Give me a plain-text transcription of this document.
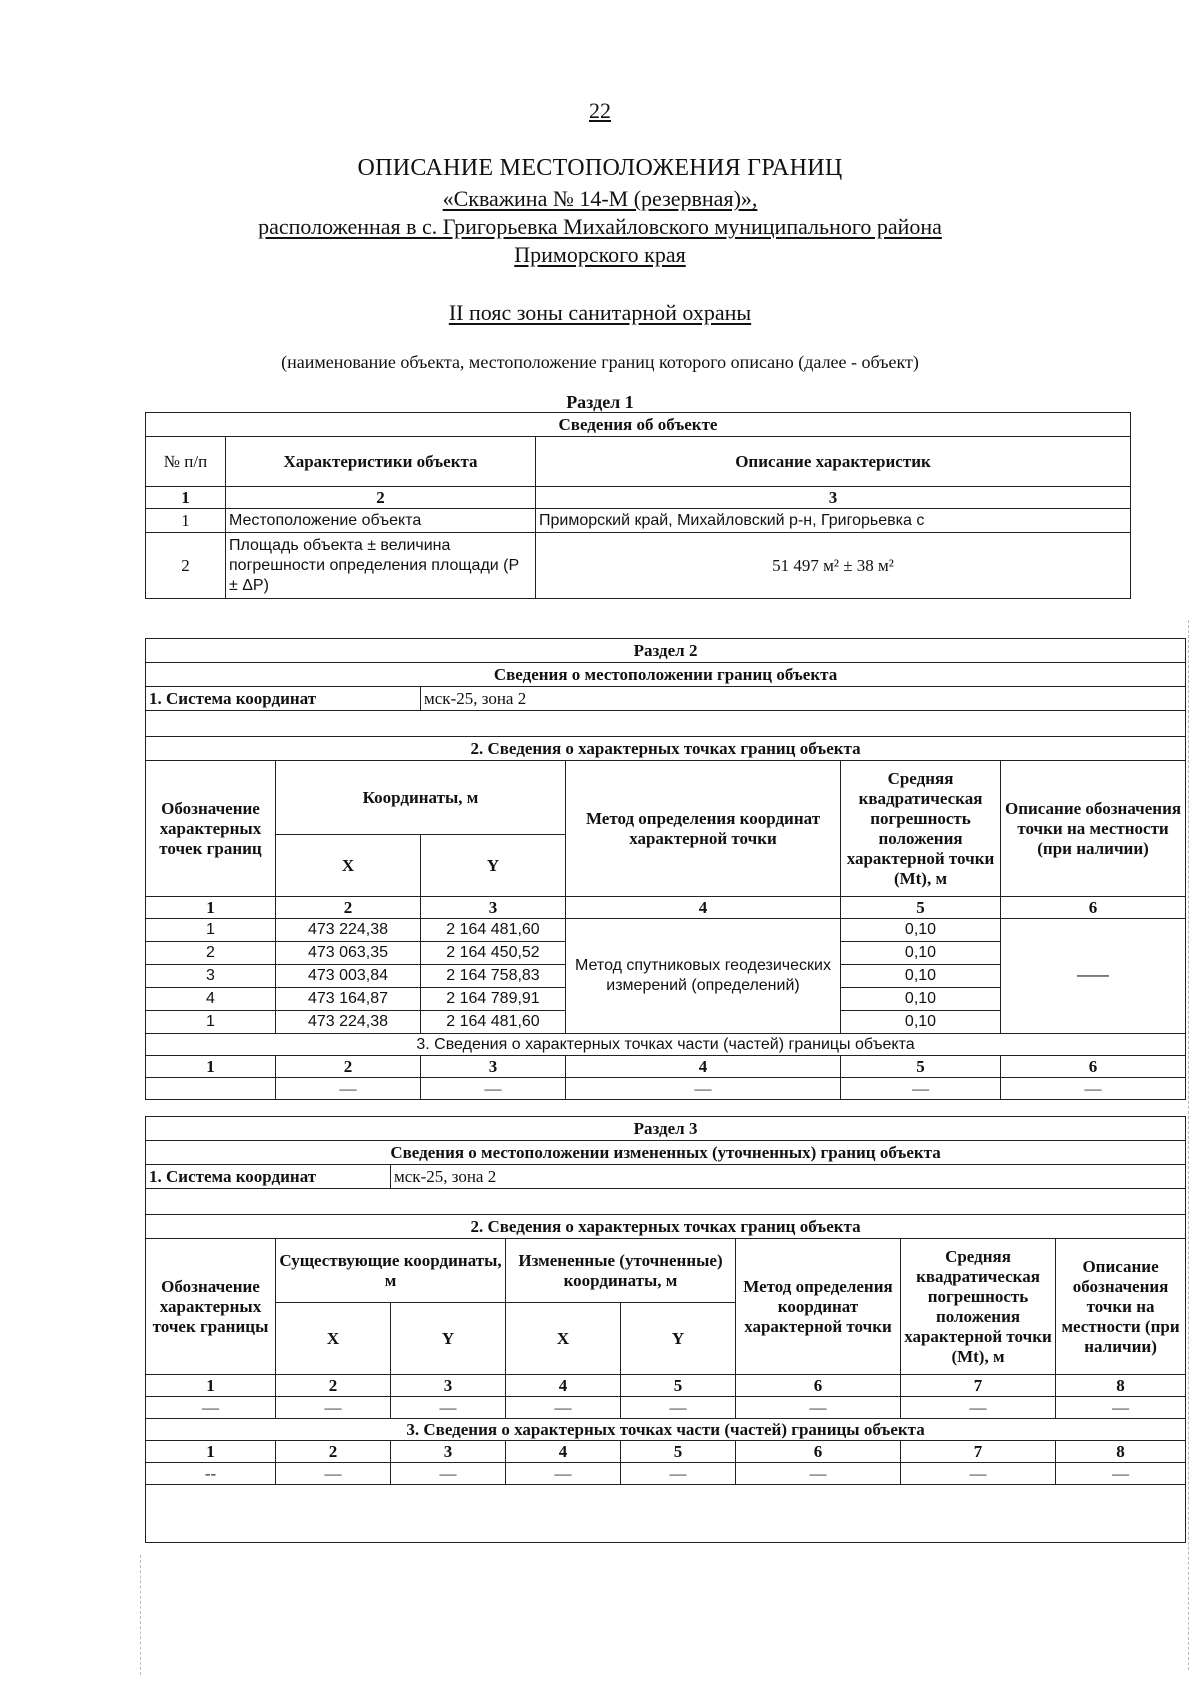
22
ОПИСАНИЕ МЕСТОПОЛОЖЕНИЯ ГРАНИЦ
«Скважина № 14-М (резервная)»,
расположенная в с. Григорьевка Михайловского муниципального района
Приморского края
II пояс зоны санитарной охраны
(наименование объекта, местоположение границ которого описано (далее - объект)
Раздел 1
Сведения об объекте		
№ п/п	Характеристики объекта	Описание характеристик
1	2	3
1	Местоположение объекта	Приморский край, Михайловский р-н, Григорьевка с
2	Площадь объекта ± величина погрешности определения площади (Р ± ΔР)	51 497 м² ± 38 м²
Раздел 2					
Сведения о местоположении границ объекта					
1. Система координат		мск-25, зона 2			

2. Сведения о характерных точках границ объекта					
Обозначение характерных точек границ	Координаты, м		Метод определения координат характерной точки	Средняя квадратическая погрешность положения характерной точки (Mt), м	Описание обозначения точки на местности (при наличии)
	X	Y			
1	2	3	4	5	6
1	473 224,38	2 164 481,60	Метод спутниковых геодезических измерений (определений)	0,10	——
2	473 063,35	2 164 450,52		0,10	
3	473 003,84	2 164 758,83		0,10	
4	473 164,87	2 164 789,91		0,10	
1	473 224,38	2 164 481,60		0,10	
3. Сведения о характерных точках части (частей) границы объекта					
1	2	3	4	5	6
	—	—	—	—	—
Раздел 3							
Сведения о местоположении измененных (уточненных) границ объекта							
1. Система координат		мск-25, зона 2					

2. Сведения о характерных точках границ объекта							
Обозначение характерных точек границы	Существующие координаты, м		Измененные (уточненные) координаты, м		Метод определения координат характерной точки	Средняя квадратическая погрешность положения характерной точки (Mt), м	Описание обозначения точки на местности (при наличии)
	X	Y	X	Y			
1	2	3	4	5	6	7	8
—	—	—	—	—	—	—	—
3. Сведения о характерных точках части (частей) границы объекта							
1	2	3	4	5	6	7	8
--	—	—	—	—	—	—	—
